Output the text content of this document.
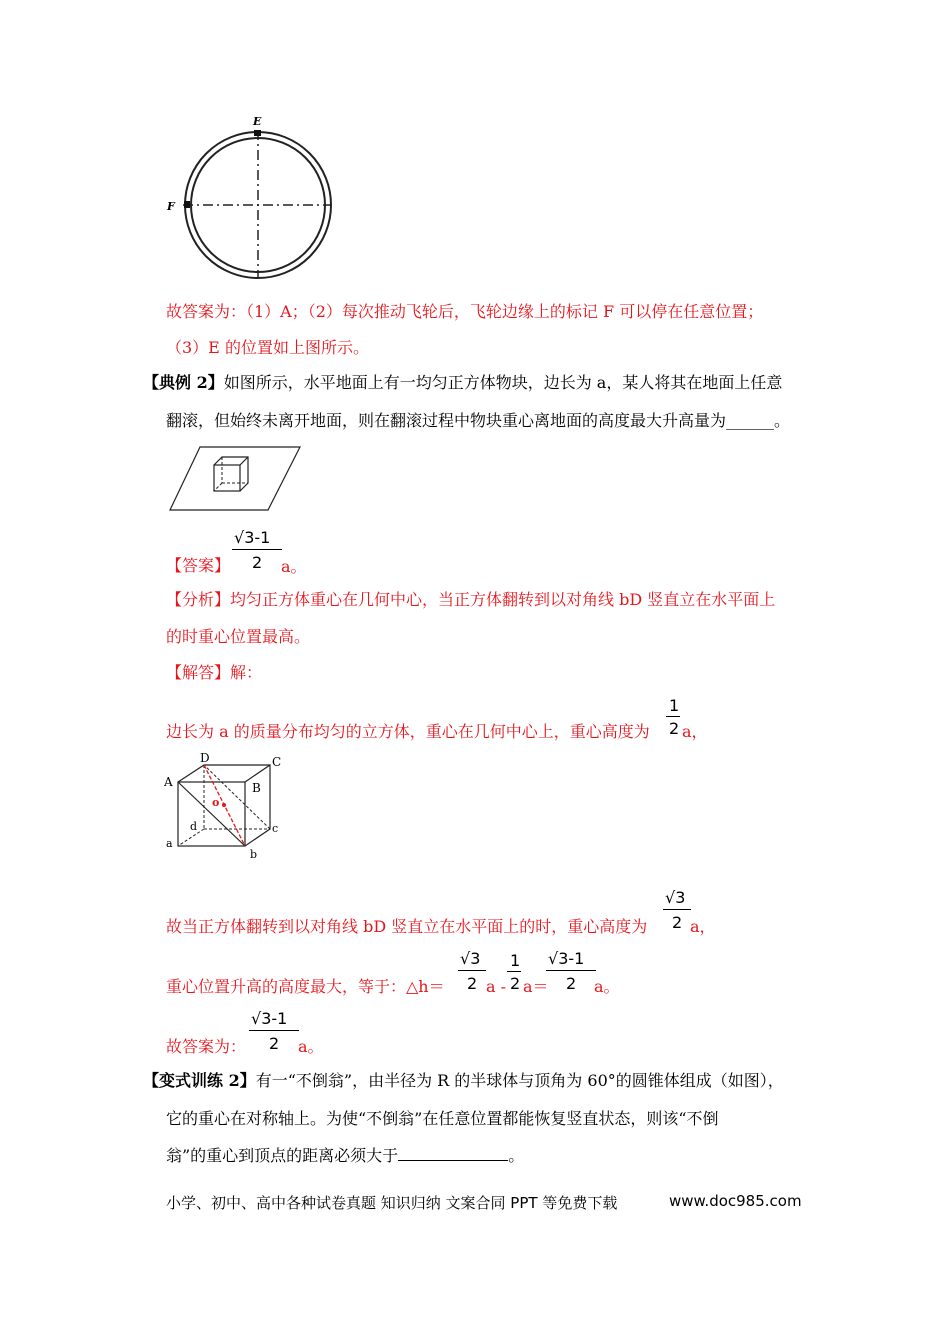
E
F
故答案为：（1）A；（2）每次推动飞轮后，飞轮边缘上的标记 F 可以停在任意位置；
（3）E 的位置如上图所示。
【典例 2】如图所示，水平地面上有一均匀正方体物块，边长为 a，某人将其在地面上任意
翻滚，但始终未离开地面，则在翻滚过程中物块重心离地面的高度最大升高量为______。
【答案】
√3-1
2 a。
【分析】均匀正方体重心在几何中心，当正方体翻转到以对角线 bD 竖直立在水平面上
的时重心位置最高。
【解答】解：
边长为 a 的质量分布均匀的立方体，重心在几何中心上，重心高度为
1
2 a，
D	C
A	B
o
d	c
a
b
故当正方体翻转到以对角线 bD 竖直立在水平面上的时，重心高度为
√3
2 a，
重心位置升高的高度最大，等于：△h＝
√3
2 a -
1
2 a＝
√3-1
2 a。
故答案为：
√3-1
2 a。
【变式训练 2】有一“不倒翁”，由半径为 R 的半球体与顶角为 60°的圆锥体组成（如图），
它的重心在对称轴上。为使“不倒翁”在任意位置都能恢复竖直状态，则该“不倒
翁”的重心到顶点的距离必须大于	。
小学、初中、高中各种试卷真题 知识归纳 文案合同 PPT 等免费下载	www.doc985.com
